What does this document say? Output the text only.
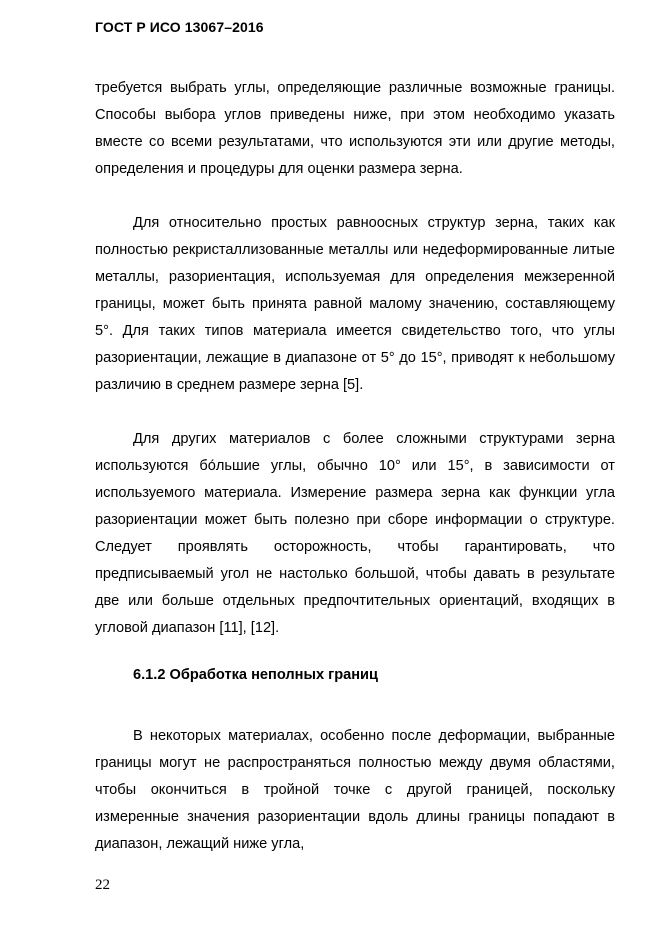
ГОСТ Р ИСО 13067–2016

требуется выбрать углы, определяющие различные возможные границы. Способы выбора углов приведены ниже, при этом необходимо указать вместе со всеми результатами, что используются эти или другие методы, определения и процедуры для оценки размера зерна.

Для относительно простых равноосных структур зерна, таких как полностью рекристаллизованные металлы или недеформированные литые металлы, разориентация, используемая для определения межзеренной границы, может быть принята равной малому значению, составляющему 5°. Для таких типов материала имеется свидетельство того, что углы разориентации, лежащие в диапазоне от 5° до 15°, приводят к небольшому различию в среднем размере зерна [5].

Для других материалов с более сложными структурами зерна используются бо́льшие углы, обычно 10° или 15°, в зависимости от используемого материала. Измерение размера зерна как функции угла разориентации может быть полезно при сборе информации о структуре. Следует проявлять осторожность, чтобы гарантировать, что предписываемый угол не настолько большой, чтобы давать в результате две или больше отдельных предпочтительных ориентаций, входящих в угловой диапазон [11], [12].

6.1.2 Обработка неполных границ

В некоторых материалах, особенно после деформации, выбранные границы могут не распространяться полностью между двумя областями, чтобы окончиться в тройной точке с другой границей, поскольку измеренные значения разориентации вдоль длины границы попадают в диапазон, лежащий ниже угла,

22
